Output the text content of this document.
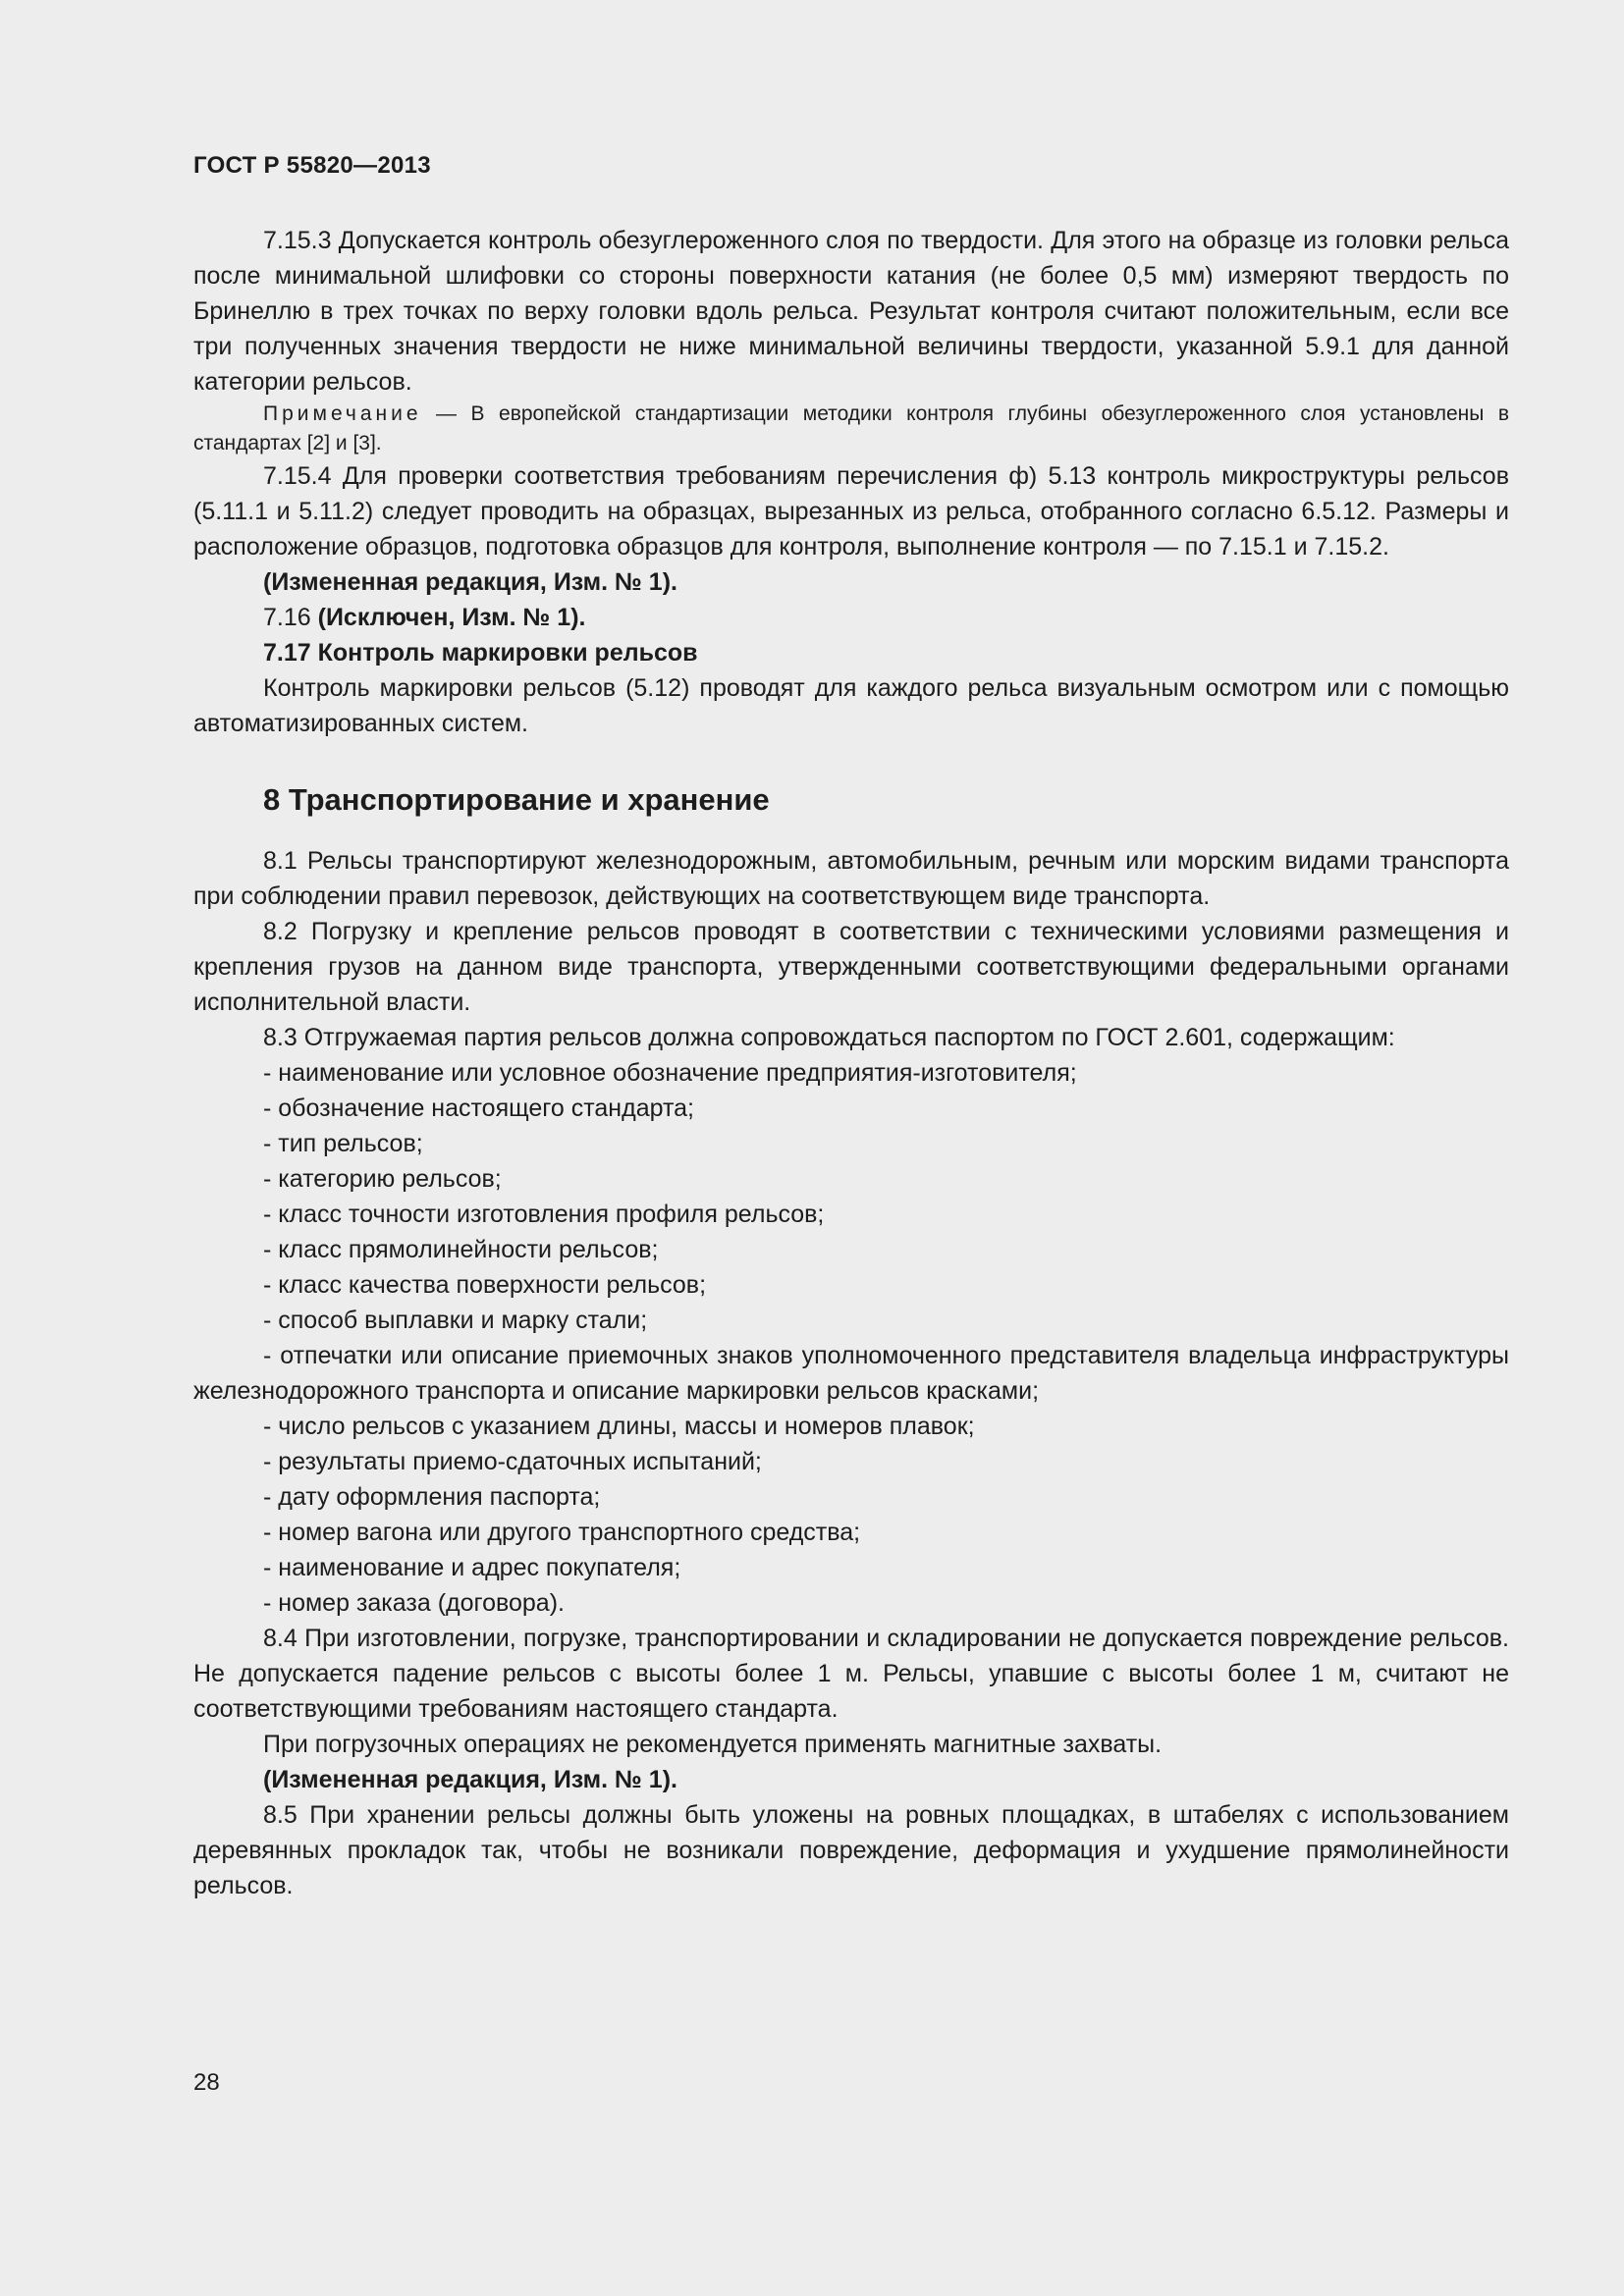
ГОСТ Р 55820—2013

7.15.3 Допускается контроль обезуглероженного слоя по твердости. Для этого на образце из головки рельса после минимальной шлифовки со стороны поверхности катания (не более 0,5 мм) измеряют твердость по Бринеллю в трех точках по верху головки вдоль рельса. Результат контроля считают положительным, если все три полученных значения твердости не ниже минимальной величины твердости, указанной 5.9.1 для данной категории рельсов.

Примечание — В европейской стандартизации методики контроля глубины обезуглероженного слоя установлены в стандартах [2] и [3].

7.15.4 Для проверки соответствия требованиям перечисления ф) 5.13 контроль микроструктуры рельсов (5.11.1 и 5.11.2) следует проводить на образцах, вырезанных из рельса, отобранного согласно 6.5.12. Размеры и расположение образцов, подготовка образцов для контроля, выполнение контроля — по 7.15.1 и 7.15.2.

(Измененная редакция, Изм. № 1).

7.16 (Исключен, Изм. № 1).

7.17 Контроль маркировки рельсов

Контроль маркировки рельсов (5.12) проводят для каждого рельса визуальным осмотром или с помощью автоматизированных систем.

8 Транспортирование и хранение

8.1 Рельсы транспортируют железнодорожным, автомобильным, речным или морским видами транспорта при соблюдении правил перевозок, действующих на соответствующем виде транспорта.

8.2 Погрузку и крепление рельсов проводят в соответствии с техническими условиями размещения и крепления грузов на данном виде транспорта, утвержденными соответствующими федеральными органами исполнительной власти.

8.3 Отгружаемая партия рельсов должна сопровождаться паспортом по ГОСТ 2.601, содержащим:

- наименование или условное обозначение предприятия-изготовителя;
- обозначение настоящего стандарта;
- тип рельсов;
- категорию рельсов;
- класс точности изготовления профиля рельсов;
- класс прямолинейности рельсов;
- класс качества поверхности рельсов;
- способ выплавки и марку стали;
- отпечатки или описание приемочных знаков уполномоченного представителя владельца инфраструктуры железнодорожного транспорта и описание маркировки рельсов красками;
- число рельсов с указанием длины, массы и номеров плавок;
- результаты приемо-сдаточных испытаний;
- дату оформления паспорта;
- номер вагона или другого транспортного средства;
- наименование и адрес покупателя;
- номер заказа (договора).

8.4 При изготовлении, погрузке, транспортировании и складировании не допускается повреждение рельсов. Не допускается падение рельсов с высоты более 1 м. Рельсы, упавшие с высоты более 1 м, считают не соответствующими требованиям настоящего стандарта.

При погрузочных операциях не рекомендуется применять магнитные захваты.

(Измененная редакция, Изм. № 1).

8.5 При хранении рельсы должны быть уложены на ровных площадках, в штабелях с использованием деревянных прокладок так, чтобы не возникали повреждение, деформация и ухудшение прямолинейности рельсов.

28
